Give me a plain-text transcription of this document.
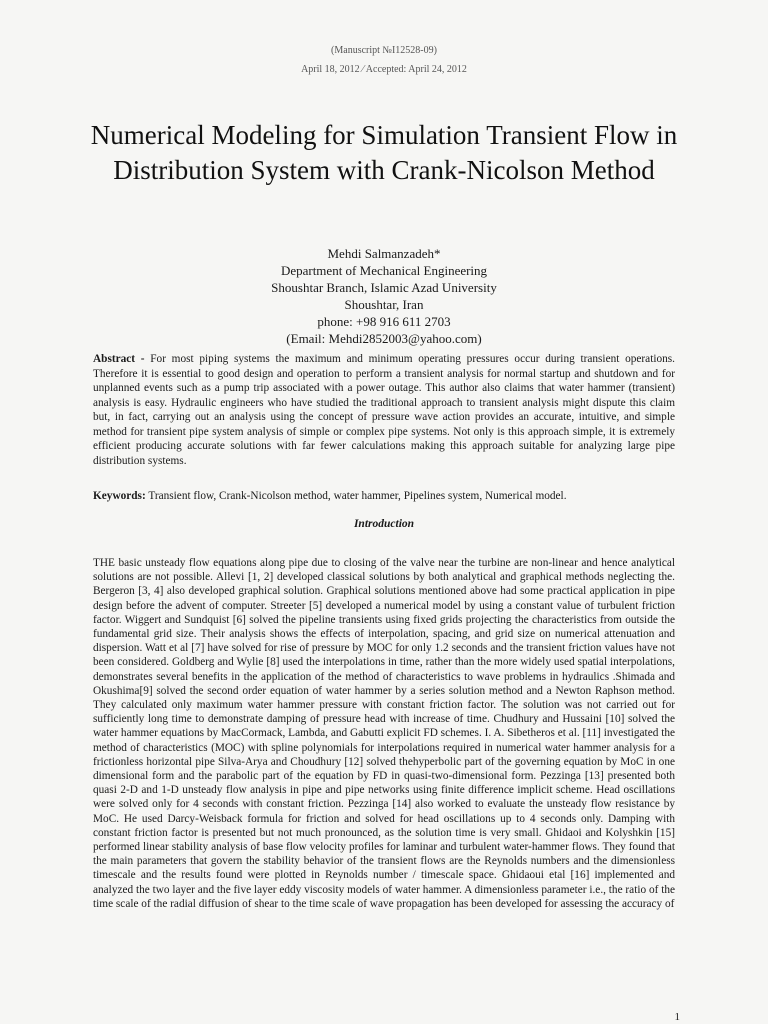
(Manuscript №I12528-09)
April 18, 2012 ⁄ Accepted: April 24, 2012
Numerical Modeling for Simulation Transient Flow in Distribution System with Crank-Nicolson Method
Mehdi Salmanzadeh*
Department of Mechanical Engineering
Shoushtar Branch, Islamic Azad University
Shoushtar, Iran
phone: +98 916 611 2703
(Email: Mehdi2852003@yahoo.com)
Abstract - For most piping systems the maximum and minimum operating pressures occur during transient operations. Therefore it is essential to good design and operation to perform a transient analysis for normal startup and shutdown and for unplanned events such as a pump trip associated with a power outage. This author also claims that water hammer (transient) analysis is easy. Hydraulic engineers who have studied the traditional approach to transient analysis might dispute this claim but, in fact, carrying out an analysis using the concept of pressure wave action provides an accurate, intuitive, and simple method for transient pipe system analysis of simple or complex pipe systems. Not only is this approach simple, it is extremely efficient producing accurate solutions with far fewer calculations making this approach suitable for analyzing large pipe distribution systems.
Keywords: Transient flow, Crank-Nicolson method, water hammer, Pipelines system, Numerical model.
Introduction
THE basic unsteady flow equations along pipe due to closing of the valve near the turbine are non-linear and hence analytical solutions are not possible. Allevi [1, 2] developed classical solutions by both analytical and graphical methods neglecting the. Bergeron [3, 4] also developed graphical solution. Graphical solutions mentioned above had some practical application in pipe design before the advent of computer. Streeter [5] developed a numerical model by using a constant value of turbulent friction factor. Wiggert and Sundquist [6] solved the pipeline transients using fixed grids projecting the characteristics from outside the fundamental grid size. Their analysis shows the effects of interpolation, spacing, and grid size on numerical attenuation and dispersion. Watt et al [7] have solved for rise of pressure by MOC for only 1.2 seconds and the transient friction values have not been considered. Goldberg and Wylie [8] used the interpolations in time, rather than the more widely used spatial interpolations, demonstrates several benefits in the application of the method of characteristics to wave problems in hydraulics .Shimada and Okushima[9] solved the second order equation of water hammer by a series solution method and a Newton Raphson method. They calculated only maximum water hammer pressure with constant friction factor. The solution was not carried out for sufficiently long time to demonstrate damping of pressure head with increase of time. Chudhury and Hussaini [10] solved the water hammer equations by MacCormack, Lambda, and Gabutti explicit FD schemes. I. A. Sibetheros et al. [11] investigated the method of characteristics (MOC) with spline polynomials for interpolations required in numerical water hammer analysis for a frictionless horizontal pipe Silva-Arya and Choudhury [12] solved thehyperbolic part of the governing equation by MoC in one dimensional form and the parabolic part of the equation by FD in quasi-two-dimensional form. Pezzinga [13] presented both quasi 2-D and 1-D unsteady flow analysis in pipe and pipe networks using finite difference implicit scheme. Head oscillations were solved only for 4 seconds with constant friction. Pezzinga [14] also worked to evaluate the unsteady flow resistance by MoC. He used Darcy-Weisback formula for friction and solved for head oscillations up to 4 seconds only. Damping with constant friction factor is presented but not much pronounced, as the solution time is very small. Ghidaoi and Kolyshkin [15] performed linear stability analysis of base flow velocity profiles for laminar and turbulent water-hammer flows. They found that the main parameters that govern the stability behavior of the transient flows are the Reynolds numbers and the dimensionless timescale and the results found were plotted in Reynolds number / timescale space. Ghidaoui etal [16] implemented and analyzed the two layer and the five layer eddy viscosity models of water hammer. A dimensionless parameter i.e., the ratio of the time scale of the radial diffusion of shear to the time scale of wave propagation has been developed for assessing the accuracy of
1
